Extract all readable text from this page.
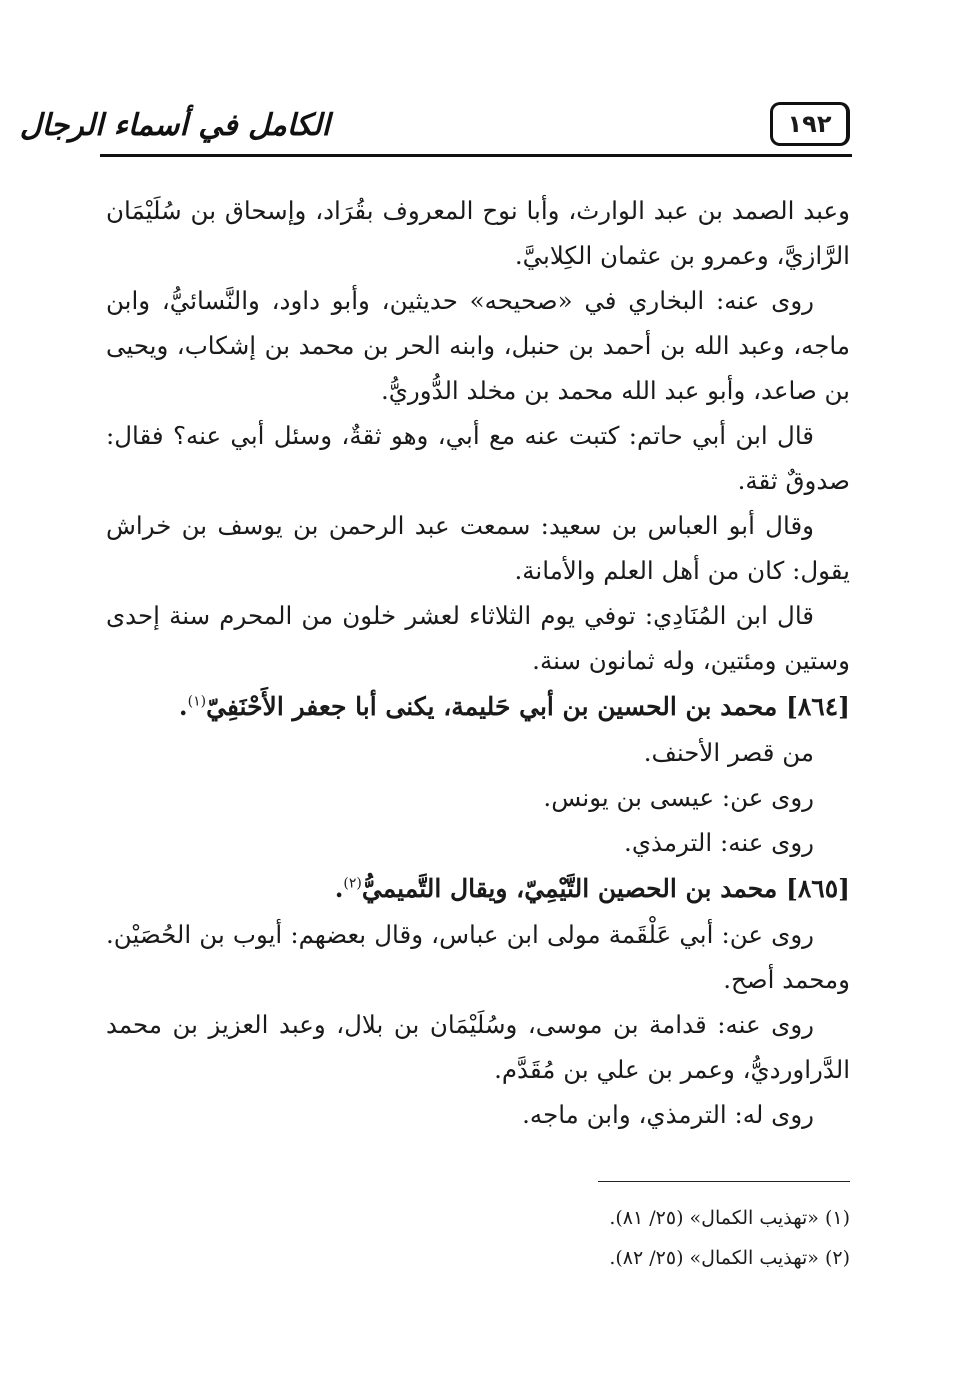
الكامل في أسماء الرجال	١٩٢

وعبد الصمد بن عبد الوارث، وأبا نوح المعروف بقُرَاد، وإسحاق بن سُلَيْمَان الرَّازيَّ، وعمرو بن عثمان الكِلابيَّ.

روى عنه: البخاري في «صحيحه» حديثين، وأبو داود، والنَّسائيُّ، وابن ماجه، وعبد الله بن أحمد بن حنبل، وابنه الحر بن محمد بن إشكاب، ويحيى بن صاعد، وأبو عبد الله محمد بن مخلد الدُّوريُّ.

قال ابن أبي حاتم: كتبت عنه مع أبي، وهو ثقةٌ، وسئل أبي عنه؟ فقال: صدوقٌ ثقة.

وقال أبو العباس بن سعيد: سمعت عبد الرحمن بن يوسف بن خراش يقول: كان من أهل العلم والأمانة.

قال ابن المُنَادِي: توفي يوم الثلاثاء لعشر خلون من المحرم سنة إحدى وستين ومئتين، وله ثمانون سنة.

[٨٦٤] محمد بن الحسين بن أبي حَليمة، يكنى أبا جعفر الأَحْنَفِيّ$^{(١)}$.

من قصر الأحنف.

روى عن: عيسى بن يونس.

روى عنه: الترمذي.

[٨٦٥] محمد بن الحصين التَّيْمِيّ، ويقال التَّميميُّ$^{(٢)}$.

روى عن: أبي عَلْقَمة مولى ابن عباس، وقال بعضهم: أيوب بن الحُصَيْن. ومحمد أصح.

روى عنه: قدامة بن موسى، وسُلَيْمَان بن بلال، وعبد العزيز بن محمد الدَّراورديُّ، وعمر بن علي بن مُقَدَّم.

روى له: الترمذي، وابن ماجه.

(١) «تهذيب الكمال» (٢٥/ ٨١).

(٢) «تهذيب الكمال» (٢٥/ ٨٢).
